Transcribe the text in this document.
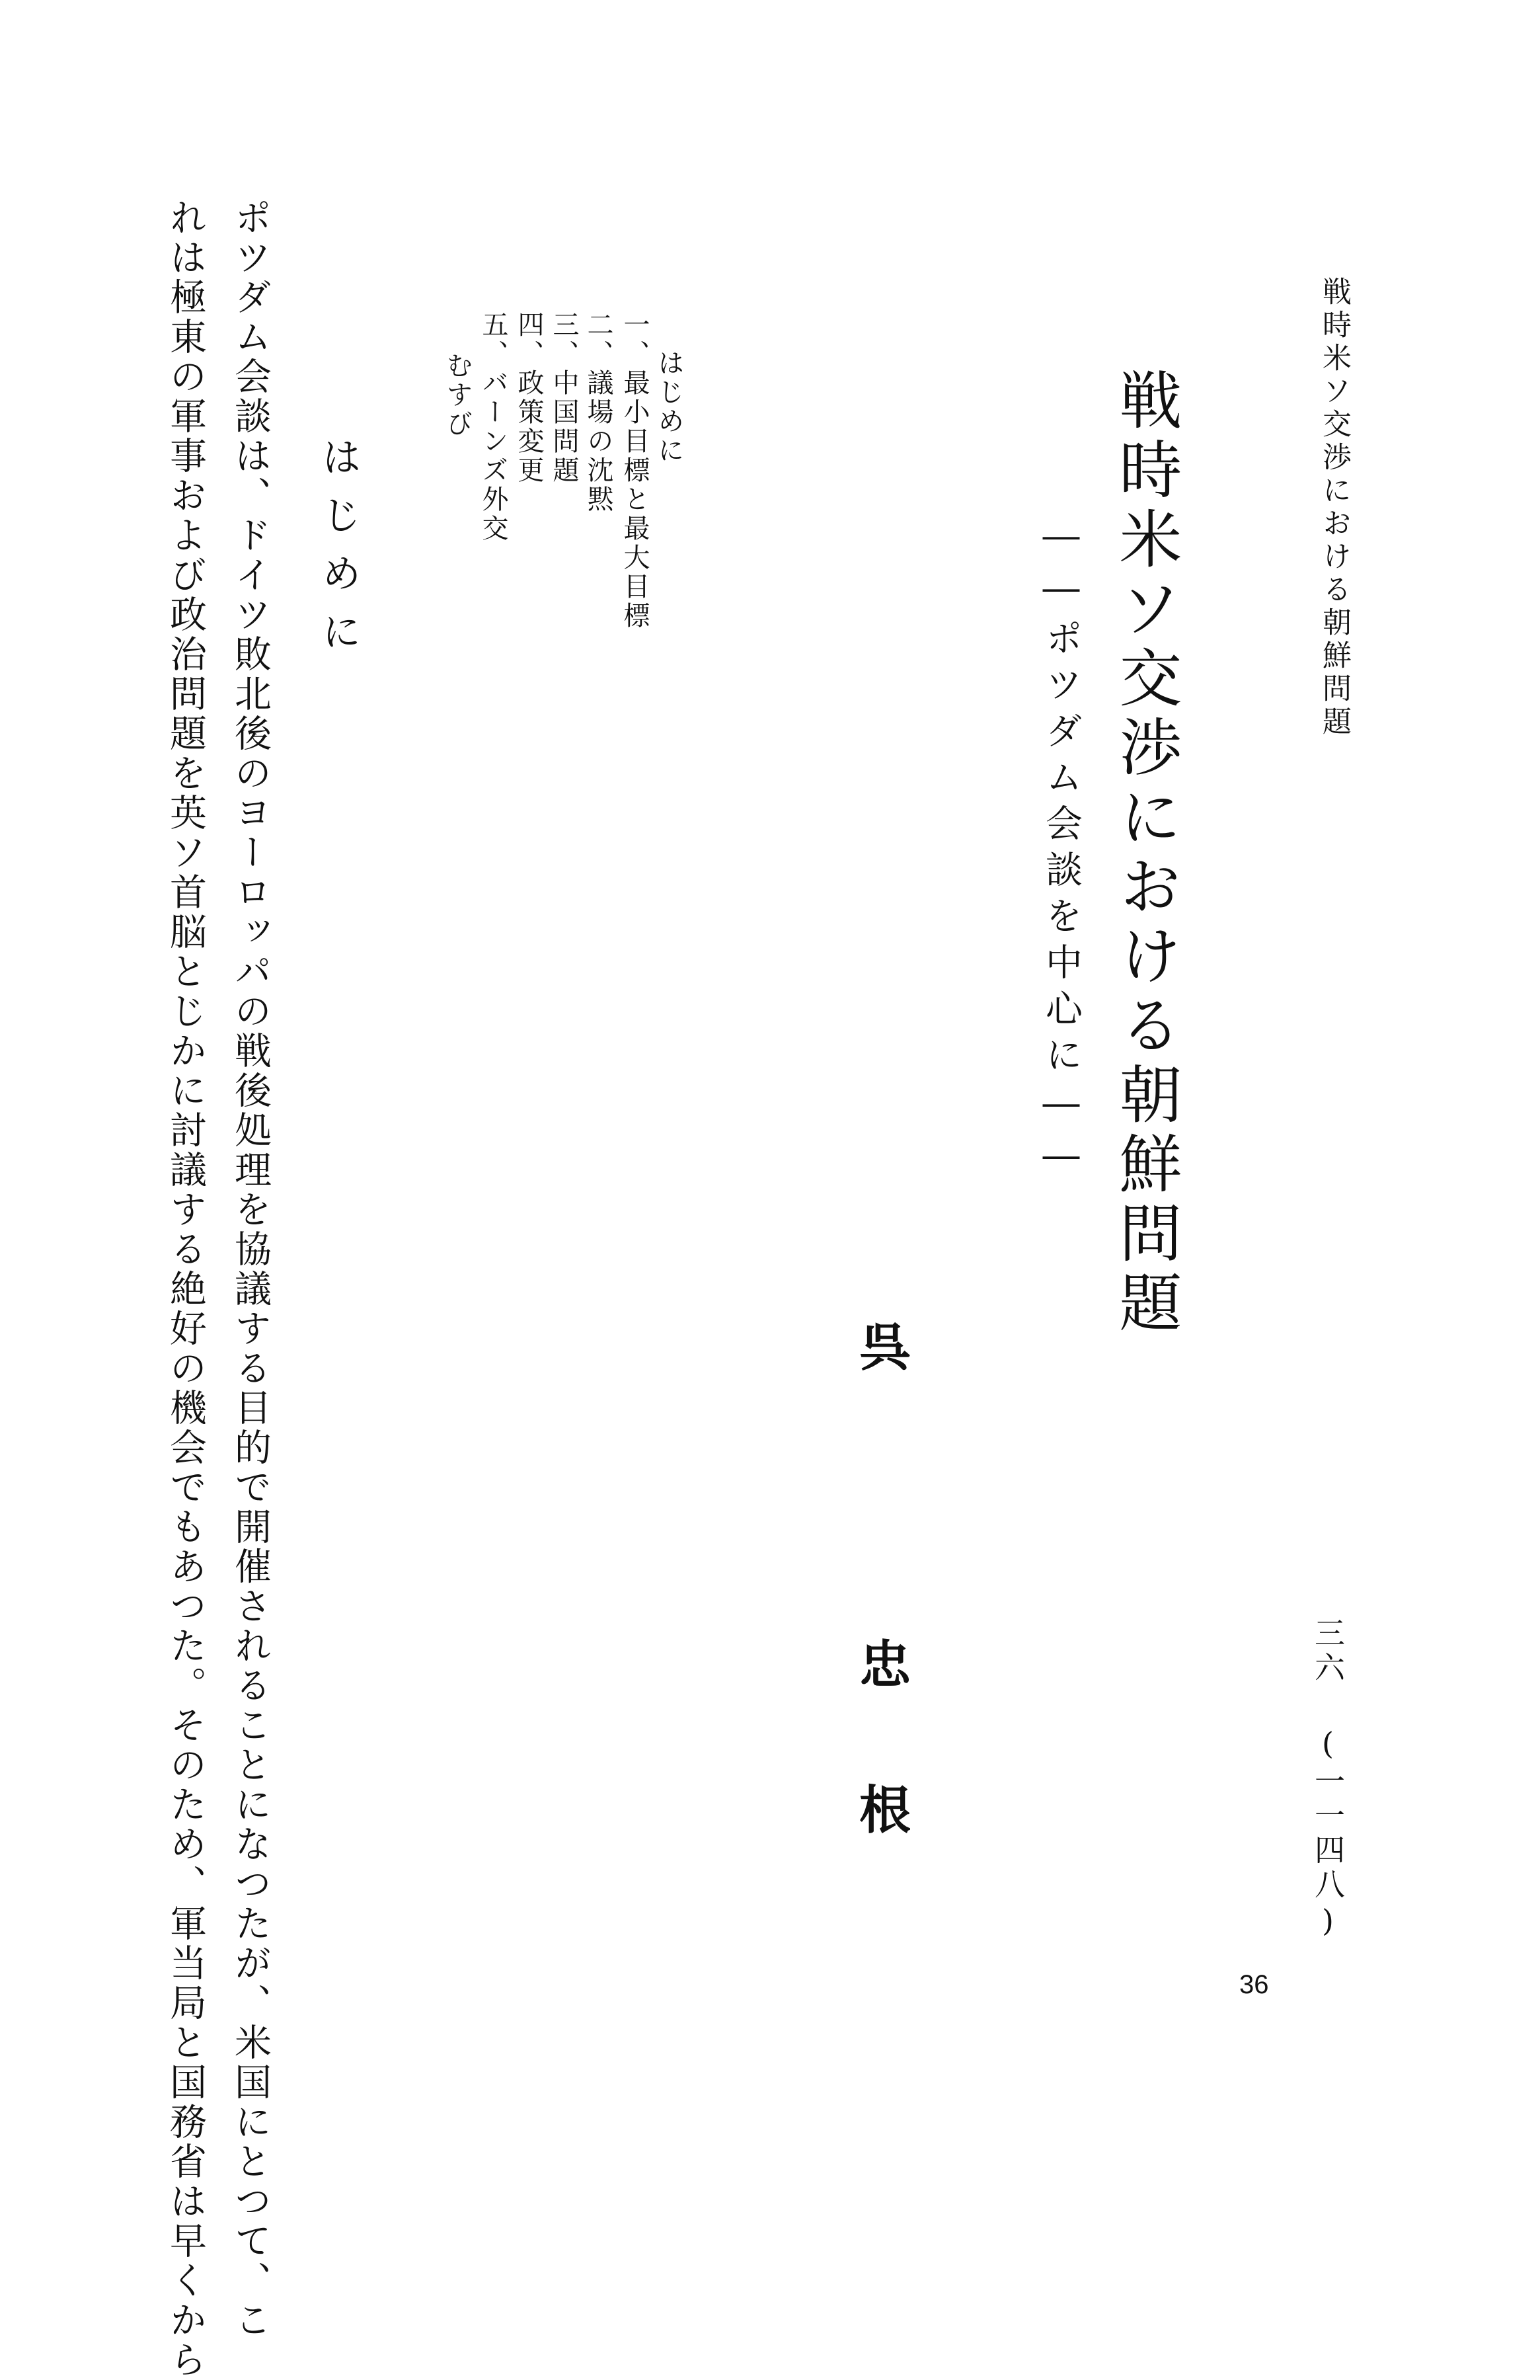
戦時米ソ交渉における朝鮮問題
戦時米ソ交渉における朝鮮問題
――ポツダム会談を中心に――
呉
忠
根
はじめに
一、最小目標と最大目標
二、議場の沈黙
三、中国問題
四、政策変更
五、バーンズ外交
むすび
はじめに
ポツダム会談は、ドイツ敗北後のヨーロッパの戦後処理を協議する目的で開催されることになつたが、米国にとつて、こ
れは極東の軍事および政治問題を英ソ首脳とじかに討議する絶好の機会でもあつた。そのため、軍当局と国務省は早くから	三六 (一一四八)
36
